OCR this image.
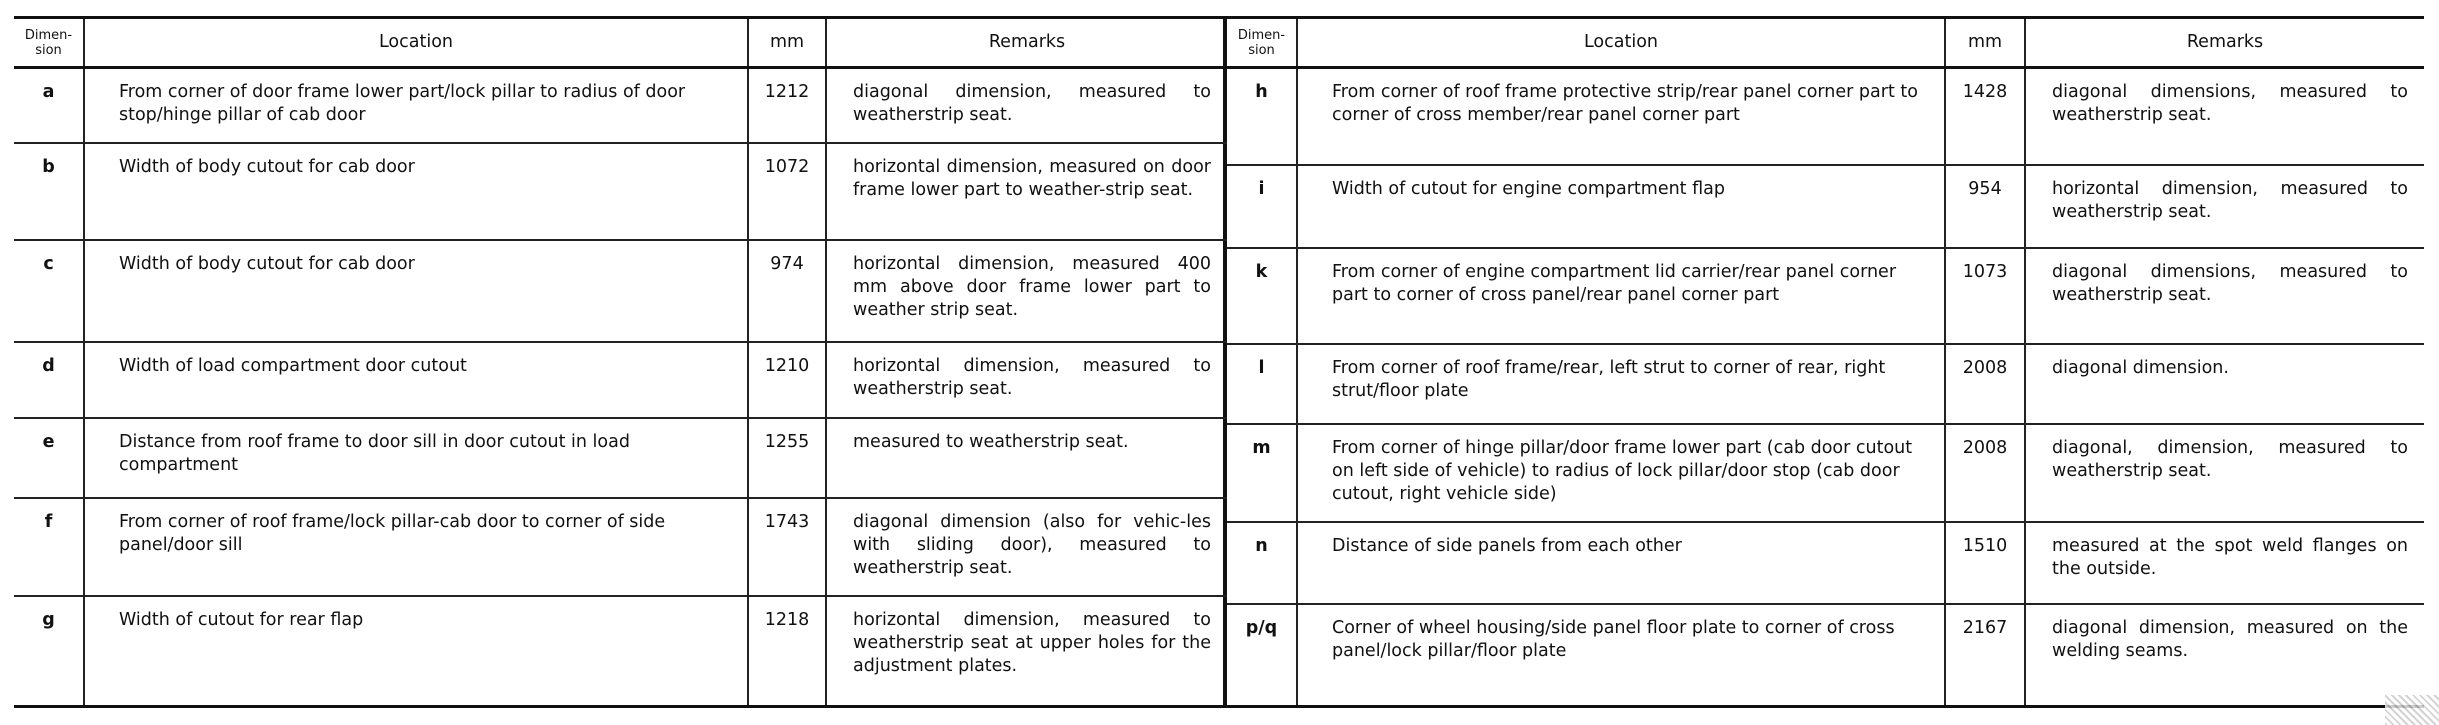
Dimen-
sion	Location	mm	Remarks
a	From corner of door frame lower part/lock pillar to radius of door stop/hinge pillar of cab door	1212	diagonal dimension, measured to weatherstrip seat.
b	Width of body cutout for cab door	1072	horizontal dimension, measured on door frame lower part to weather-strip seat.
c	Width of body cutout for cab door	974	horizontal dimension, measured 400 mm above door frame lower part to weather strip seat.
d	Width of load compartment door cutout	1210	horizontal dimension, measured to weatherstrip seat.
e	Distance from roof frame to door sill in door cutout in load compartment	1255	measured to weatherstrip seat.
f	From corner of roof frame/lock pillar-cab door to corner of side panel/door sill	1743	diagonal dimension (also for vehic-les with sliding door), measured to weatherstrip seat.
g	Width of cutout for rear flap	1218	horizontal dimension, measured to weatherstrip seat at upper holes for the adjustment plates.
Dimen-
sion	Location	mm	Remarks
h	From corner of roof frame protective strip/rear panel corner part to corner of cross member/rear panel corner part	1428	diagonal dimensions, measured to weatherstrip seat.
i	Width of cutout for engine compartment flap	954	horizontal dimension, measured to weatherstrip seat.
k	From corner of engine compartment lid carrier/rear panel corner part to corner of cross panel/rear panel corner part	1073	diagonal dimensions, measured to weatherstrip seat.
l	From corner of roof frame/rear, left strut to corner of rear, right strut/floor plate	2008	diagonal dimension.
m	From corner of hinge pillar/door frame lower part (cab door cutout on left side of vehicle) to radius of lock pillar/door stop (cab door cutout, right vehicle side)	2008	diagonal, dimension, measured to weatherstrip seat.
n	Distance of side panels from each other	1510	measured at the spot weld flanges on the outside.
p/q	Corner of wheel housing/side panel floor plate to corner of cross panel/lock pillar/floor plate	2167	diagonal dimension, measured on the welding seams.
